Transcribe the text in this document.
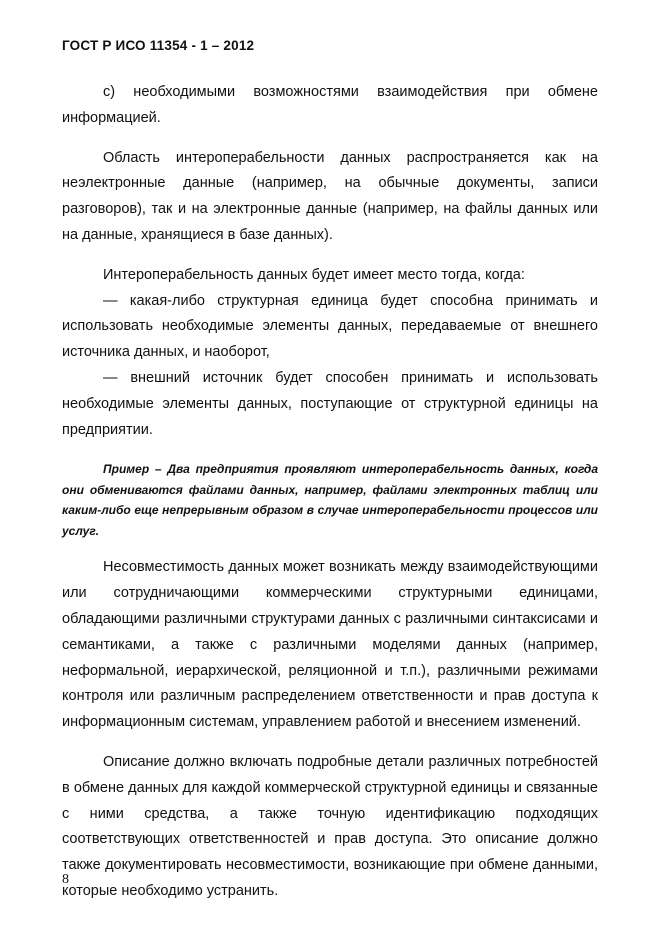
ГОСТ Р ИСО 11354 - 1 – 2012

с) необходимыми возможностями взаимодействия при обмене информацией.

Область интероперабельности данных распространяется как на неэлектронные данные (например, на обычные документы, записи разговоров), так и на электронные данные (например, на файлы данных или на данные, хранящиеся в базе данных).

Интероперабельность данных будет имеет место тогда, когда:

— какая-либо структурная единица будет способна принимать и использовать необходимые элементы данных, передаваемые от внешнего источника данных, и наоборот,

— внешний источник будет способен принимать и использовать необходимые элементы данных, поступающие от структурной единицы на предприятии.

Пример – Два предприятия проявляют интероперабельность данных, когда они обмениваются файлами данных, например, файлами электронных таблиц или каким-либо еще непрерывным образом в случае интероперабельности процессов или услуг.

Несовместимость данных может возникать между взаимодействующими или сотрудничающими коммерческими структурными единицами, обладающими различными структурами данных с различными синтаксисами и семантиками, а также с различными моделями данных (например, неформальной, иерархической, реляционной и т.п.), различными режимами контроля или различным распределением ответственности и прав доступа к информационным системам, управлением работой и внесением изменений.

Описание должно включать подробные детали различных потребностей в обмене данных для каждой коммерческой структурной единицы и связанные с ними средства, а также точную идентификацию подходящих соответствующих ответственностей и прав доступа. Это описание должно также документировать несовместимости, возникающие при обмене данными, которые необходимо устранить.

8
